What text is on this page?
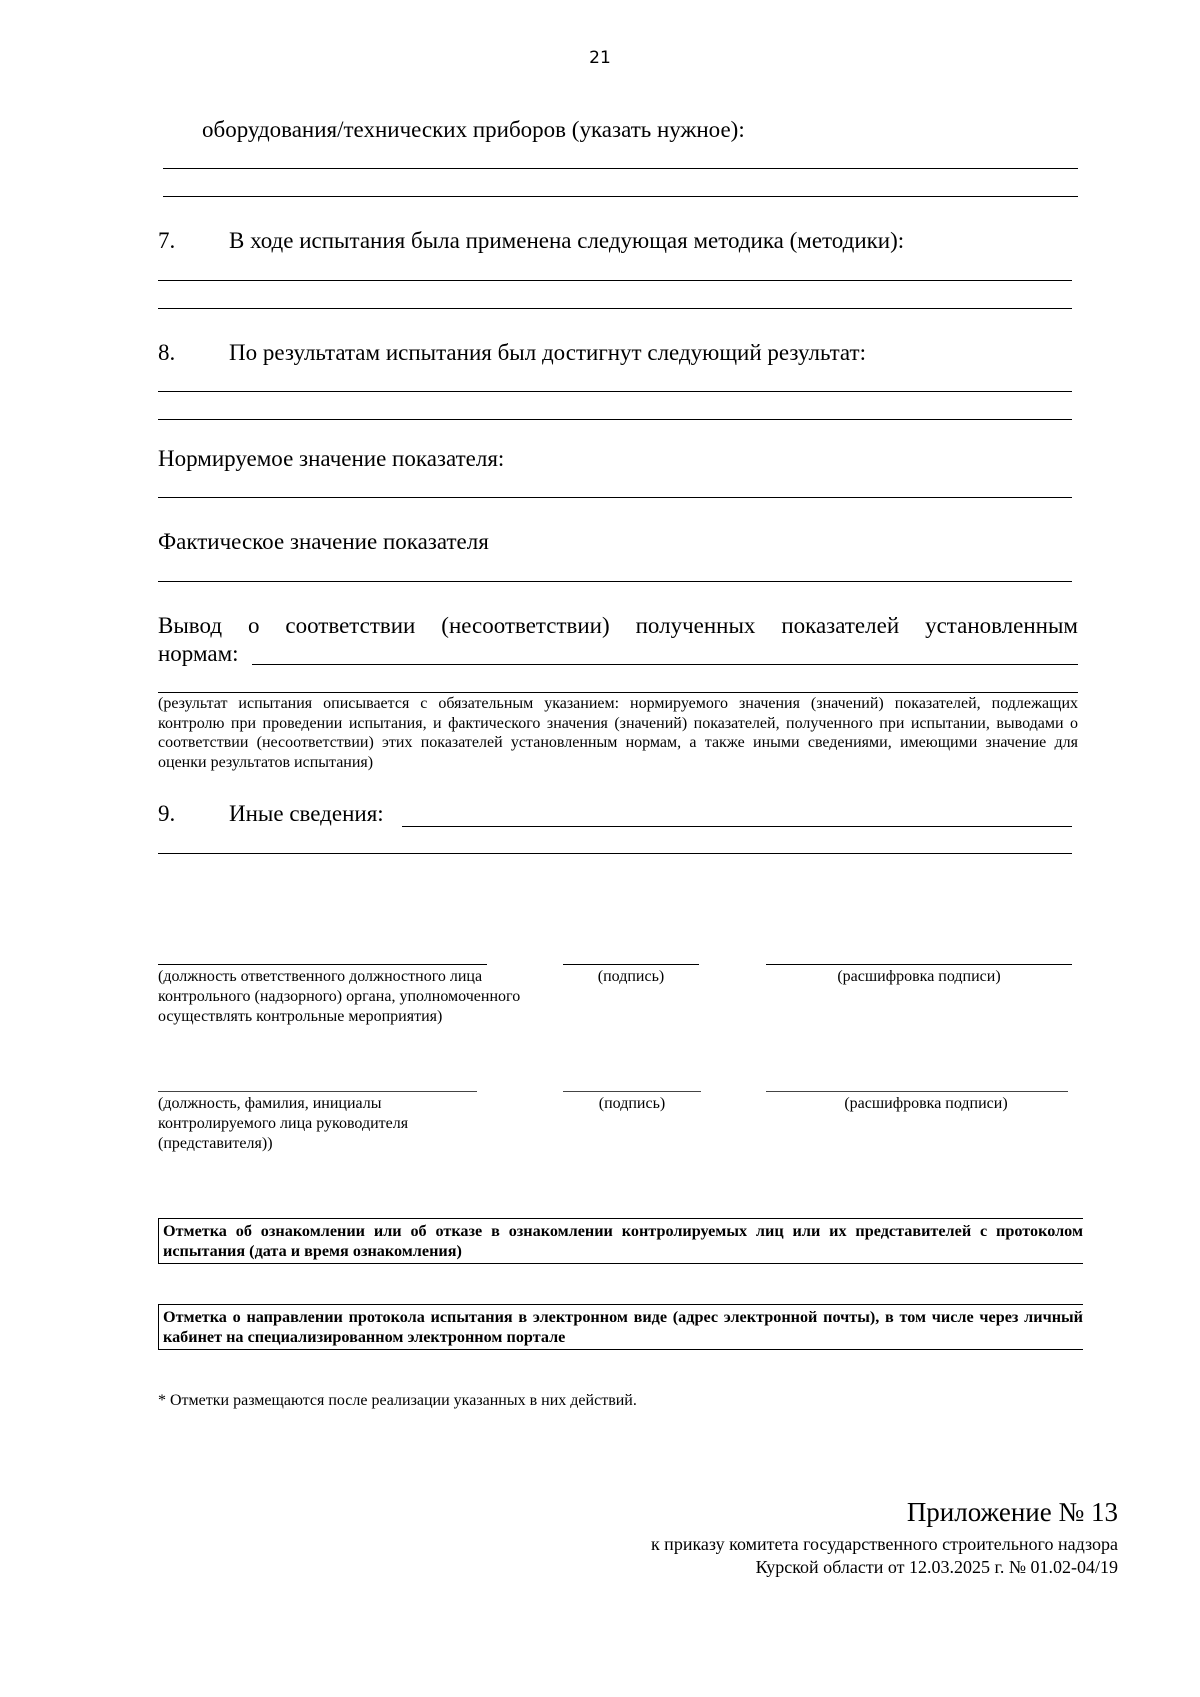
21
оборудования/технических приборов (указать нужное):
7. В ходе испытания была применена следующая методика (методики):
8. По результатам испытания был достигнут следующий результат:
Нормируемое значение показателя:
Фактическое значение показателя
Вывод о соответствии (несоответствии) полученных показателей установленным
нормам:
(результат испытания описывается с обязательным указанием: нормируемого значения (значений) показателей, подлежащих контролю при проведении испытания, и фактического значения (значений) показателей, полученного при испытании, выводами о соответствии (несоответствии) этих показателей установленным нормам, а также иными сведениями, имеющими значение для оценки результатов испытания)
9. Иные сведения:
(должность ответственного должностного лица контрольного (надзорного) органа, уполномоченного осуществлять контрольные мероприятия)
(подпись)	(расшифровка подписи)
(должность, фамилия, инициалы контролируемого лица руководителя (представителя))
(подпись)	(расшифровка подписи)
Отметка об ознакомлении или об отказе в ознакомлении контролируемых лиц или их представителей с протоколом испытания (дата и время ознакомления)
Отметка о направлении протокола испытания в электронном виде (адрес электронной почты), в том числе через личный кабинет на специализированном электронном портале
* Отметки размещаются после реализации указанных в них действий.
Приложение № 13
к приказу комитета государственного строительного надзора
Курской области от 12.03.2025 г. № 01.02-04/19
